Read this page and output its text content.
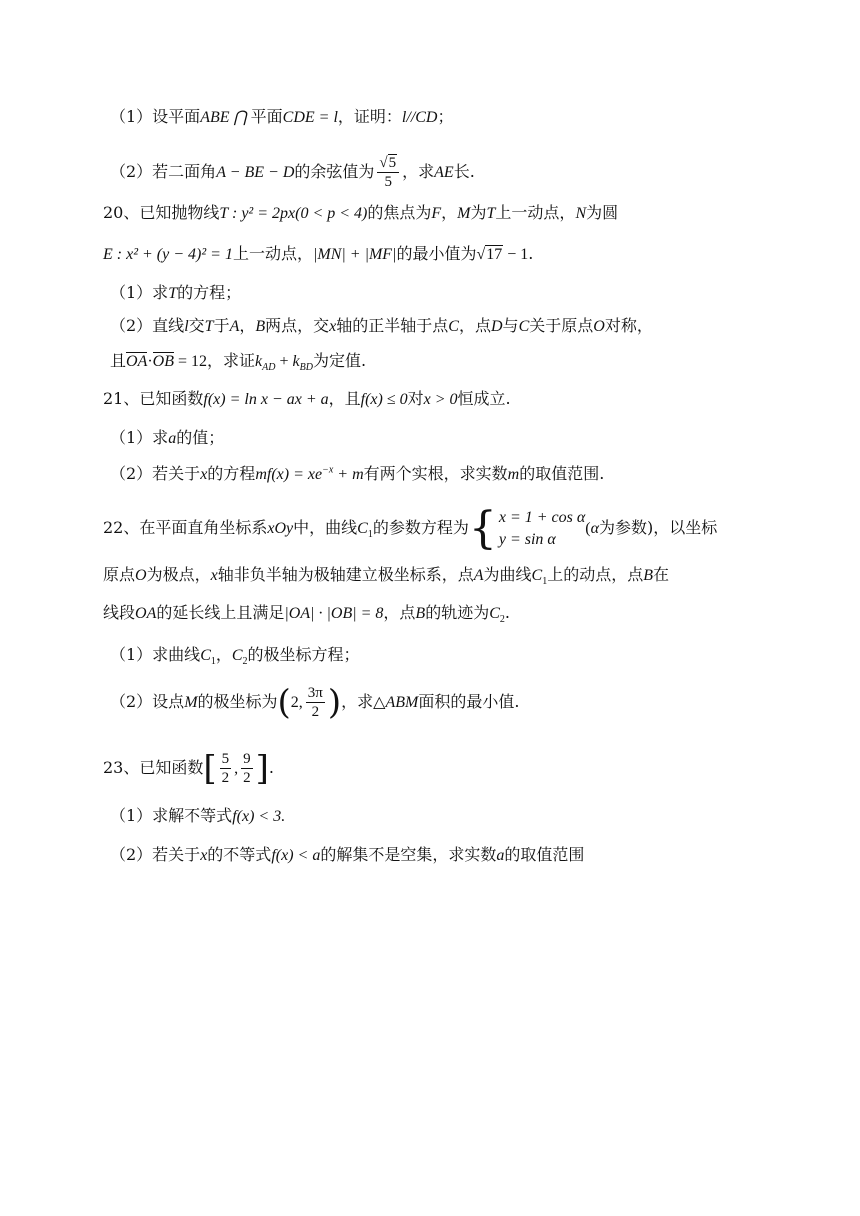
（1）设平面ABE ⋂ 平面CDE = l，证明：l//CD；
（2）若二面角A − BE − D的余弦值为 $\frac{√5}{5}$ ，求AE长.
20、已知抛物线T : y² = 2px(0 < p < 4)的焦点为F，M为T上一动点，N为圆
E : x² + (y − 4)² = 1上一动点，|MN| + |MF|的最小值为√17 − 1.
（1）求T的方程；
（2）直线l交T于A，B两点，交x轴的正半轴于点C，点D与C关于原点O对称，
且OA·OB = 12，求证$k_{AD} + k_{BD}$为定值.
21、已知函数f(x) = ln x − ax + a，且f(x) ≤ 0对x > 0恒成立.
（1）求a的值；
（2）若关于x的方程$mf(x) = xe^{-x} + m$有两个实根，求实数m的取值范围.
22、在平面直角坐标系xOy中，曲线$C_1$的参数方程为 { x = 1 + cos α
y = sin α
(α为参数)，以坐标
原点O为极点，x轴非负半轴为极轴建立极坐标系，点A为曲线$C_1$上的动点，点B在
线段OA的延长线上且满足|OA| · |OB| = 8，点B的轨迹为$C_2$.
（1）求曲线$C_1$，$C_2$的极坐标方程；
（2）设点M的极坐标为(2, $\frac{3\pi}{2}$ )，求△ABM面积的最小值.
23、已知函数[ $\frac{5}{2}$ , $\frac{9}{2}$ ].
（1）求解不等式f(x) < 3.
（2）若关于x的不等式f(x) < a的解集不是空集，求实数a的取值范围
